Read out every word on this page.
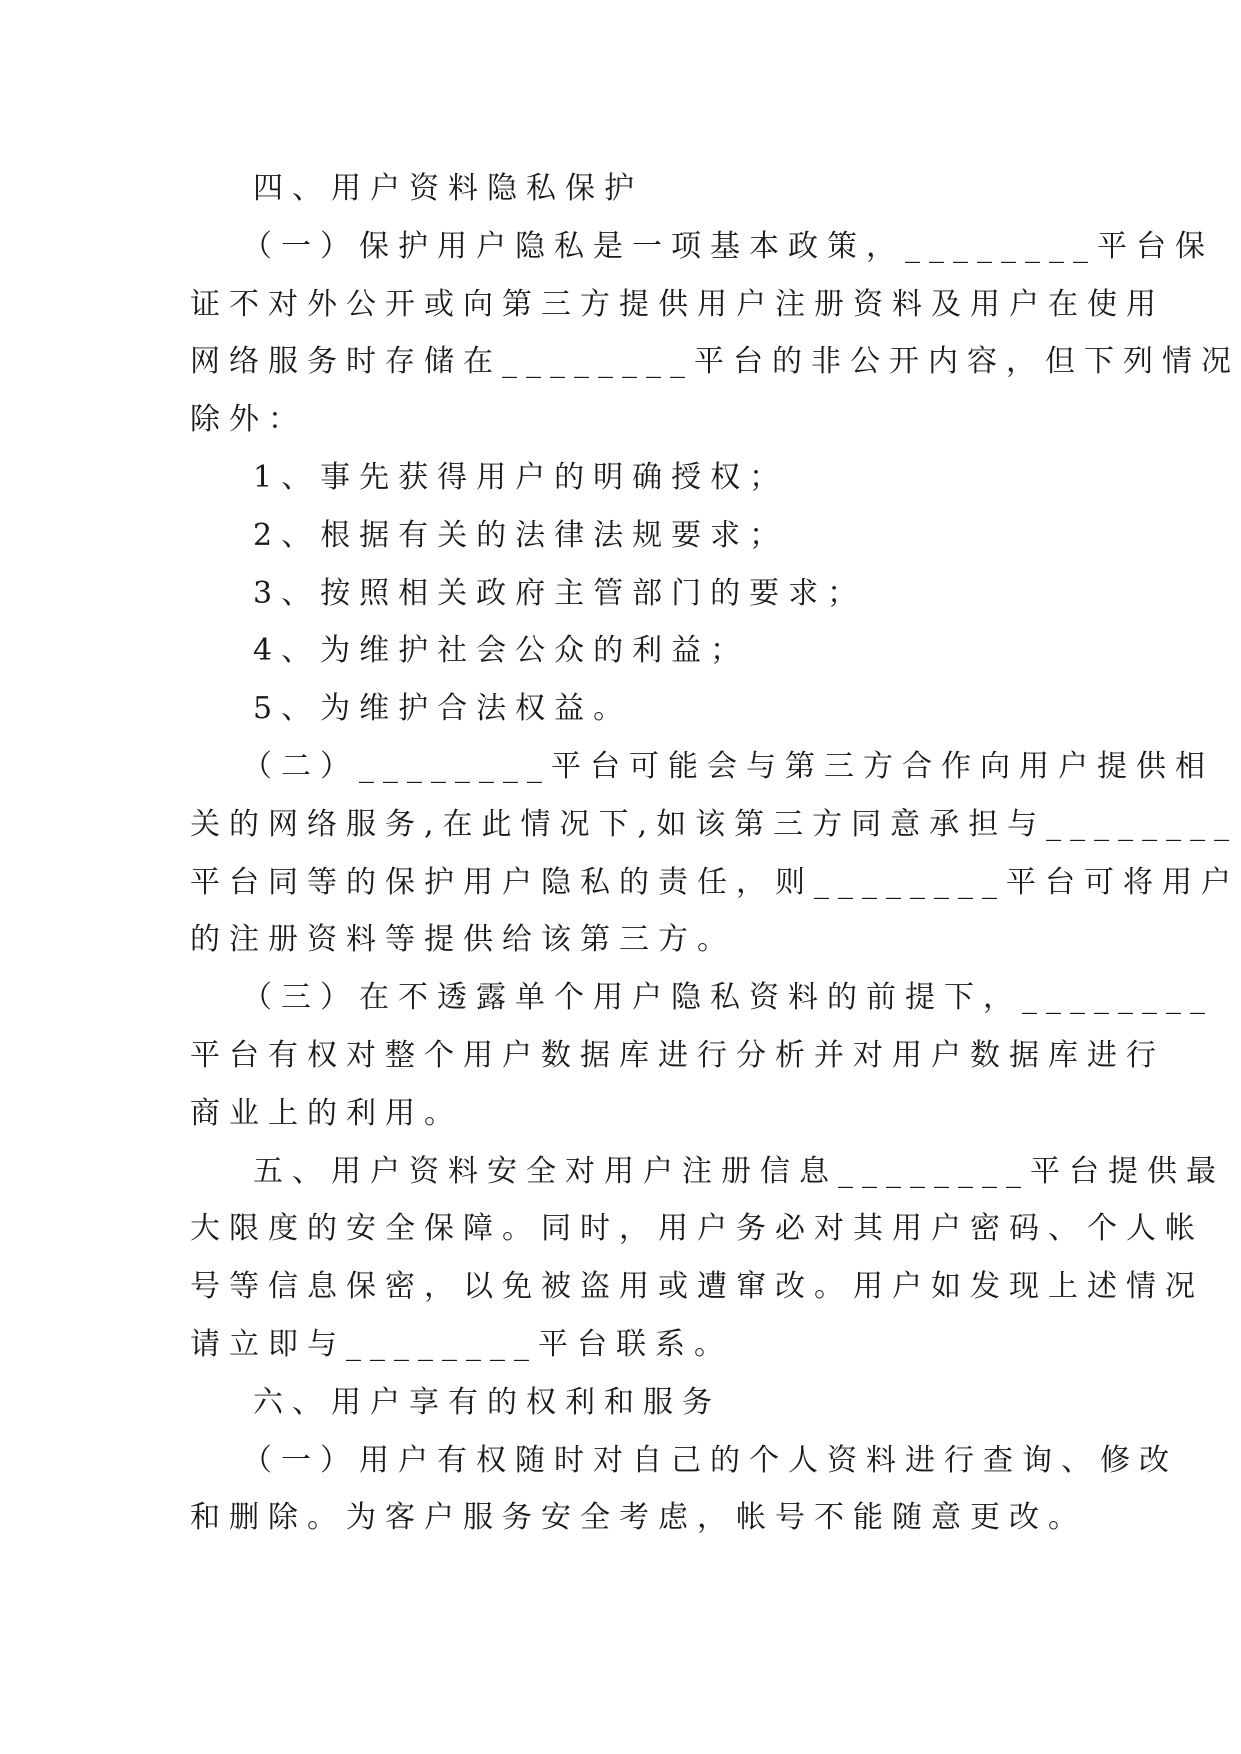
四、用户资料隐私保护

（一）保护用户隐私是一项基本政策，________平台保

证不对外公开或向第三方提供用户注册资料及用户在使用

网络服务时存储在________平台的非公开内容，但下列情况

除外：

1、事先获得用户的明确授权；

2、根据有关的法律法规要求；

3、按照相关政府主管部门的要求；

4、为维护社会公众的利益；

5、为维护合法权益。

（二）________平台可能会与第三方合作向用户提供相

关的网络服务,在此情况下,如该第三方同意承担与________

平台同等的保护用户隐私的责任，则________平台可将用户

的注册资料等提供给该第三方。

（三）在不透露单个用户隐私资料的前提下，________

平台有权对整个用户数据库进行分析并对用户数据库进行

商业上的利用。

五、用户资料安全对用户注册信息________平台提供最

大限度的安全保障。同时，用户务必对其用户密码、个人帐

号等信息保密，以免被盗用或遭窜改。用户如发现上述情况

请立即与________平台联系。

六、用户享有的权利和服务

（一）用户有权随时对自己的个人资料进行查询、修改

和删除。为客户服务安全考虑，帐号不能随意更改。
